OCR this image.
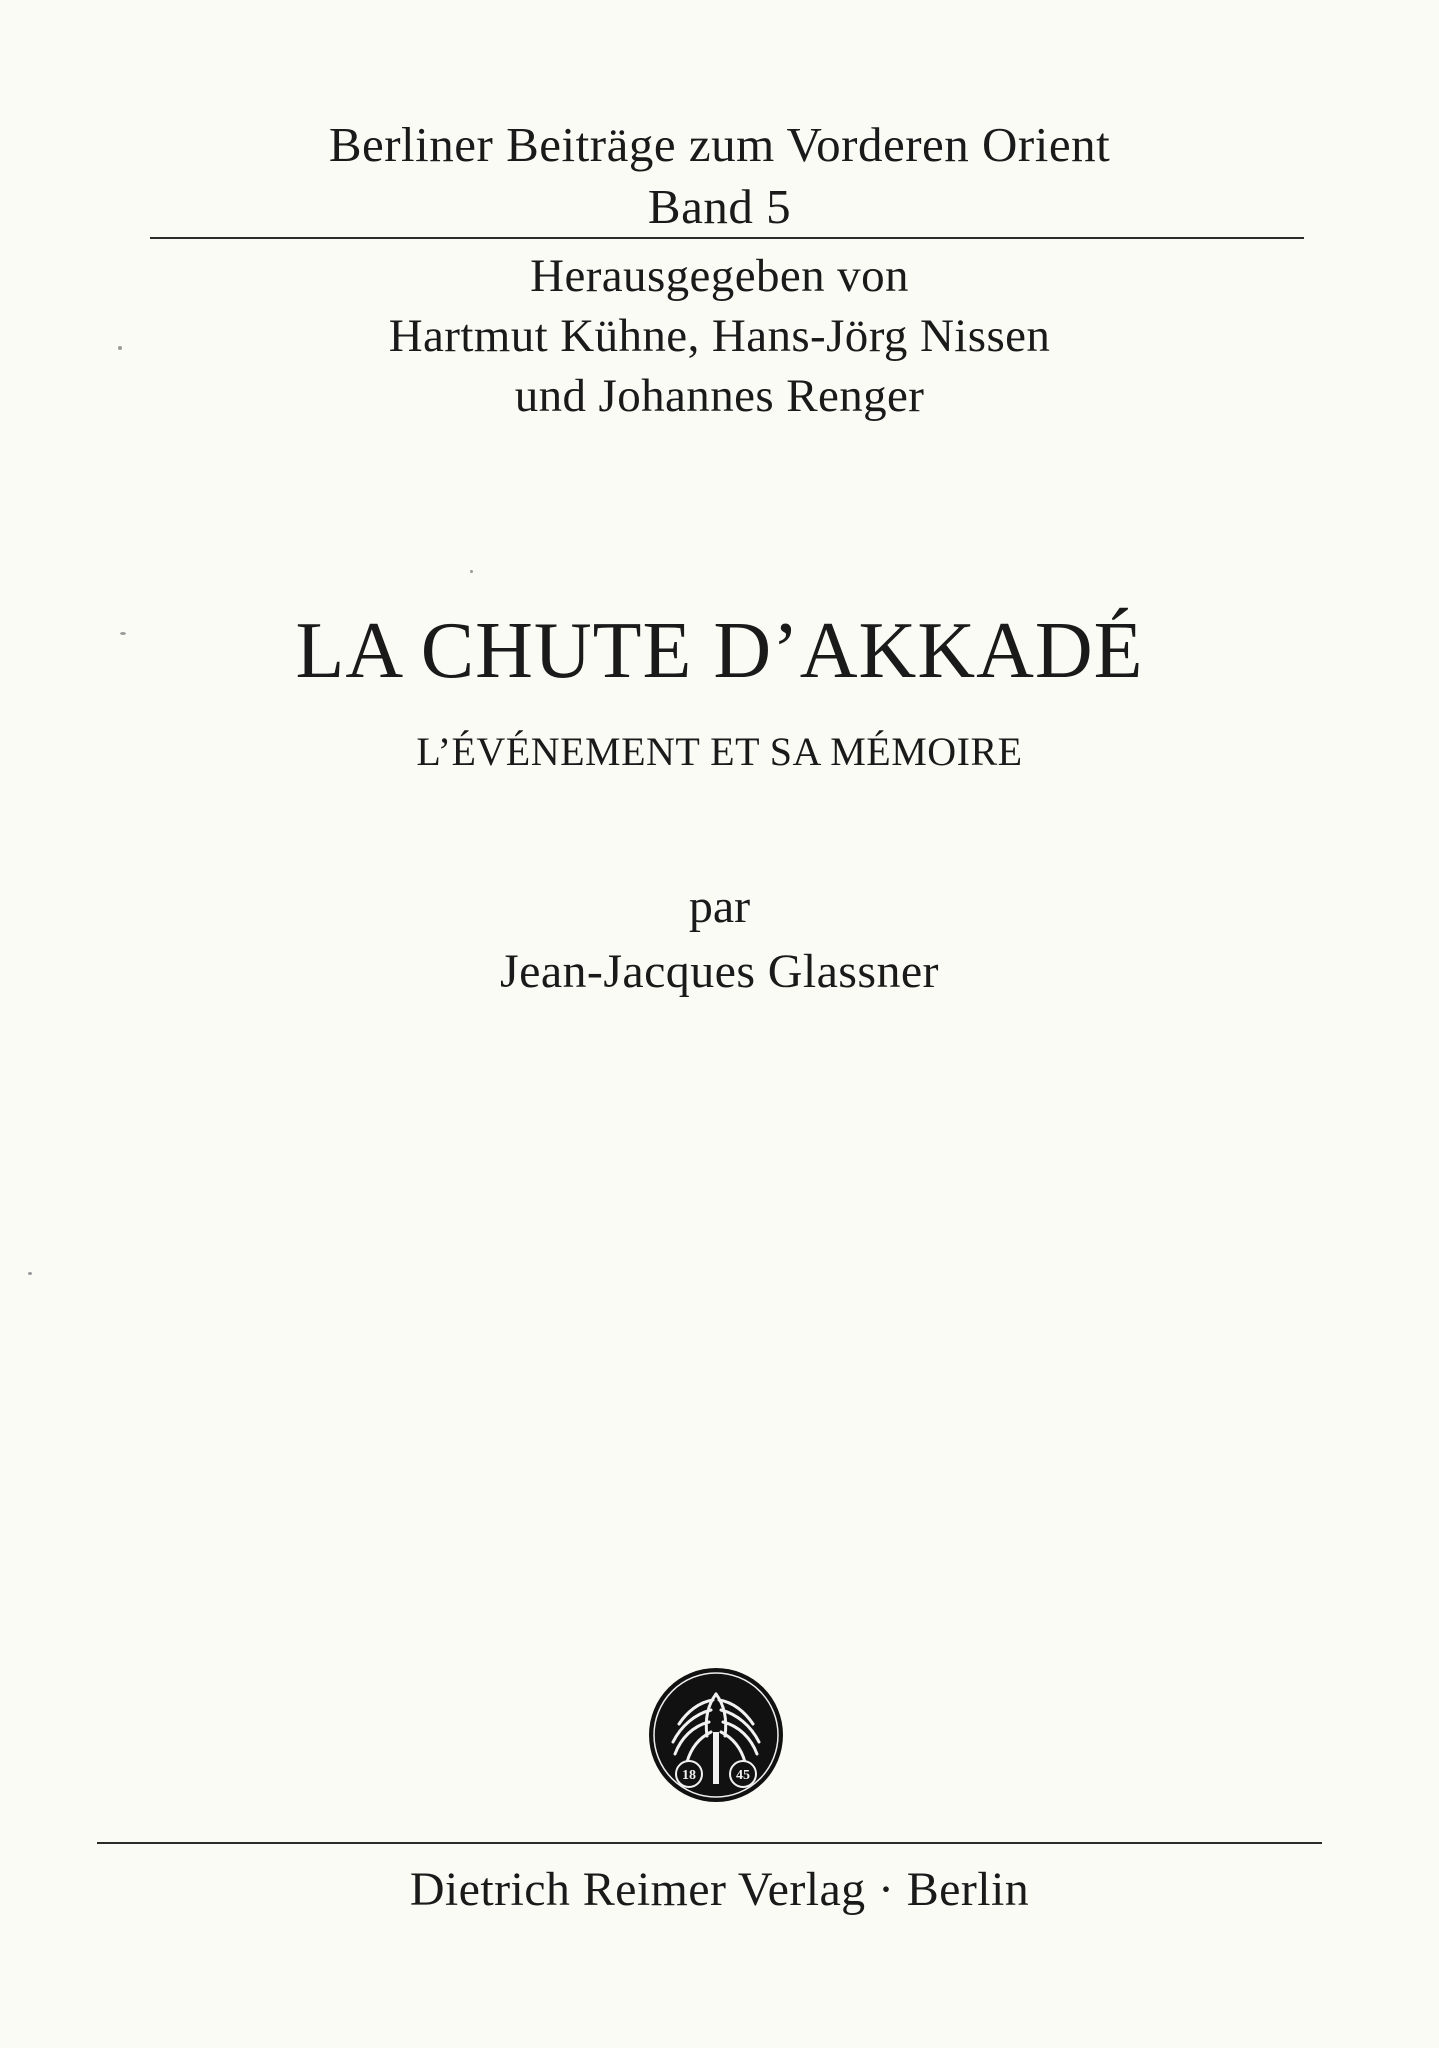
Berliner Beiträge zum Vorderen Orient
Band 5
Herausgegeben von
Hartmut Kühne, Hans-Jörg Nissen
und Johannes Renger
LA CHUTE D’AKKADÉ
L’ÉVÉNEMENT ET SA MÉMOIRE
par
Jean-Jacques Glassner
18	45
Dietrich Reimer Verlag · Berlin
